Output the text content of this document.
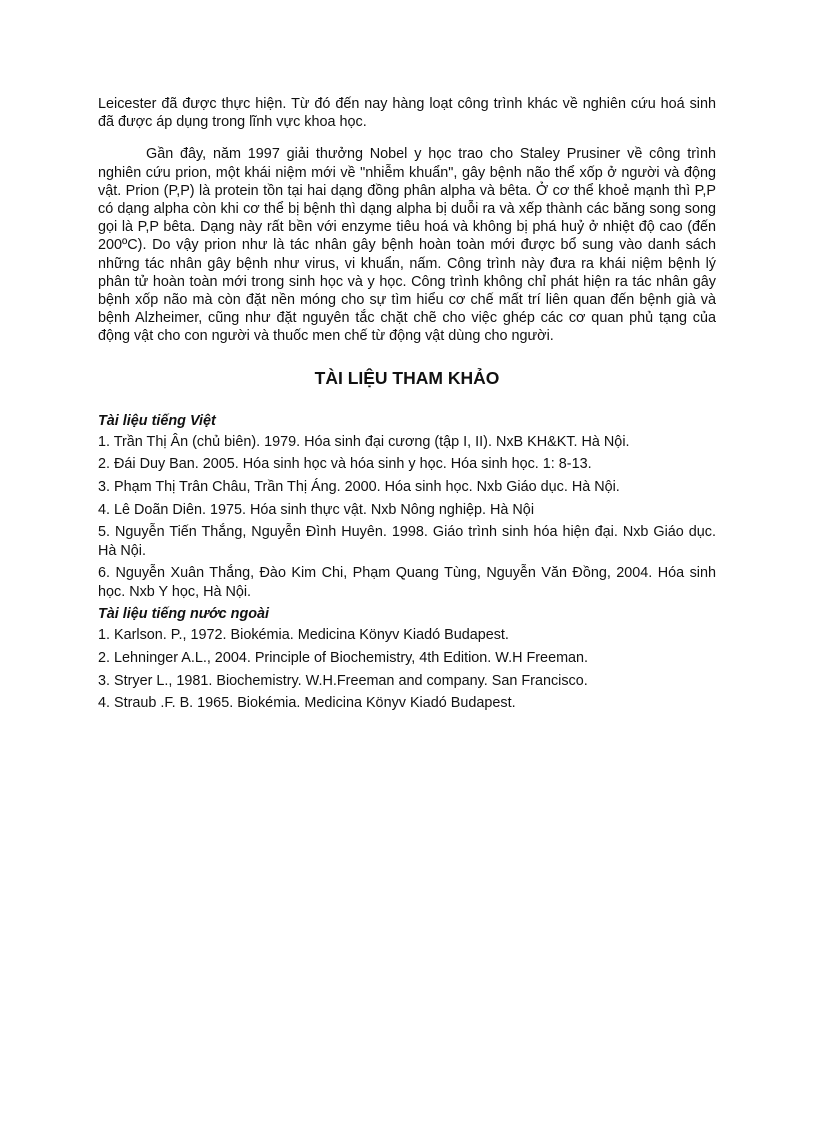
Leicester đã được thực hiện. Từ đó đến nay hàng loạt công trình khác về nghiên cứu hoá sinh đã được áp dụng trong lĩnh vực khoa học.

Gần đây, năm 1997 giải thưởng Nobel y học trao cho Staley Prusiner về công trình nghiên cứu prion, một khái niệm mới về "nhiễm khuẩn", gây bệnh não thể xốp ở người và động vật. Prion (P,P) là protein tồn tại hai dạng đồng phân alpha và bêta. Ở cơ thể khoẻ mạnh thì P,P có dạng alpha còn khi cơ thể bị bệnh thì dạng alpha bị duỗi ra và xếp thành các băng song song gọi là P,P bêta. Dạng này rất bền với enzyme tiêu hoá và không bị phá huỷ ở nhiệt độ cao (đến 200ºC). Do vậy prion như là tác nhân gây bệnh hoàn toàn mới được bổ sung vào danh sách những tác nhân gây bệnh như virus, vi khuẩn, nấm. Công trình này đưa ra khái niệm bệnh lý phân tử hoàn toàn mới trong sinh học và y học. Công trình không chỉ phát hiện ra tác nhân gây bệnh xốp não mà còn đặt nền móng cho sự tìm hiểu cơ chế mất trí liên quan đến bệnh già và bệnh Alzheimer, cũng như đặt nguyên tắc chặt chẽ cho việc ghép các cơ quan phủ tạng của động vật cho con người và thuốc men chế từ động vật dùng cho người.

TÀI LIỆU THAM KHẢO
Tài liệu tiếng Việt

1. Trần Thị Ân (chủ biên). 1979. Hóa sinh đại cương (tập I, II). NxB KH&KT. Hà Nội.

2. Đái Duy Ban. 2005. Hóa sinh học và hóa sinh y học. Hóa sinh học. 1: 8-13.

3. Phạm Thị Trân Châu, Trần Thị Áng. 2000. Hóa sinh học. Nxb Giáo dục. Hà Nội.

4. Lê Doãn Diên. 1975. Hóa sinh thực vật. Nxb Nông nghiệp. Hà Nội

5. Nguyễn Tiến Thắng, Nguyễn Đình Huyên. 1998. Giáo trình sinh hóa hiện đại. Nxb Giáo dục. Hà Nội.

6. Nguyễn Xuân Thắng, Đào Kim Chi, Phạm Quang Tùng, Nguyễn Văn Đồng, 2004. Hóa sinh học. Nxb Y học, Hà Nội.

Tài liệu tiếng nước ngoài

1. Karlson. P., 1972. Biokémia. Medicina Könyv Kiadó Budapest.

2. Lehninger A.L., 2004. Principle of Biochemistry, 4th Edition. W.H Freeman.

3. Stryer L., 1981. Biochemistry. W.H.Freeman and company. San Francisco.

4. Straub .F. B. 1965. Biokémia. Medicina Könyv Kiadó Budapest.
